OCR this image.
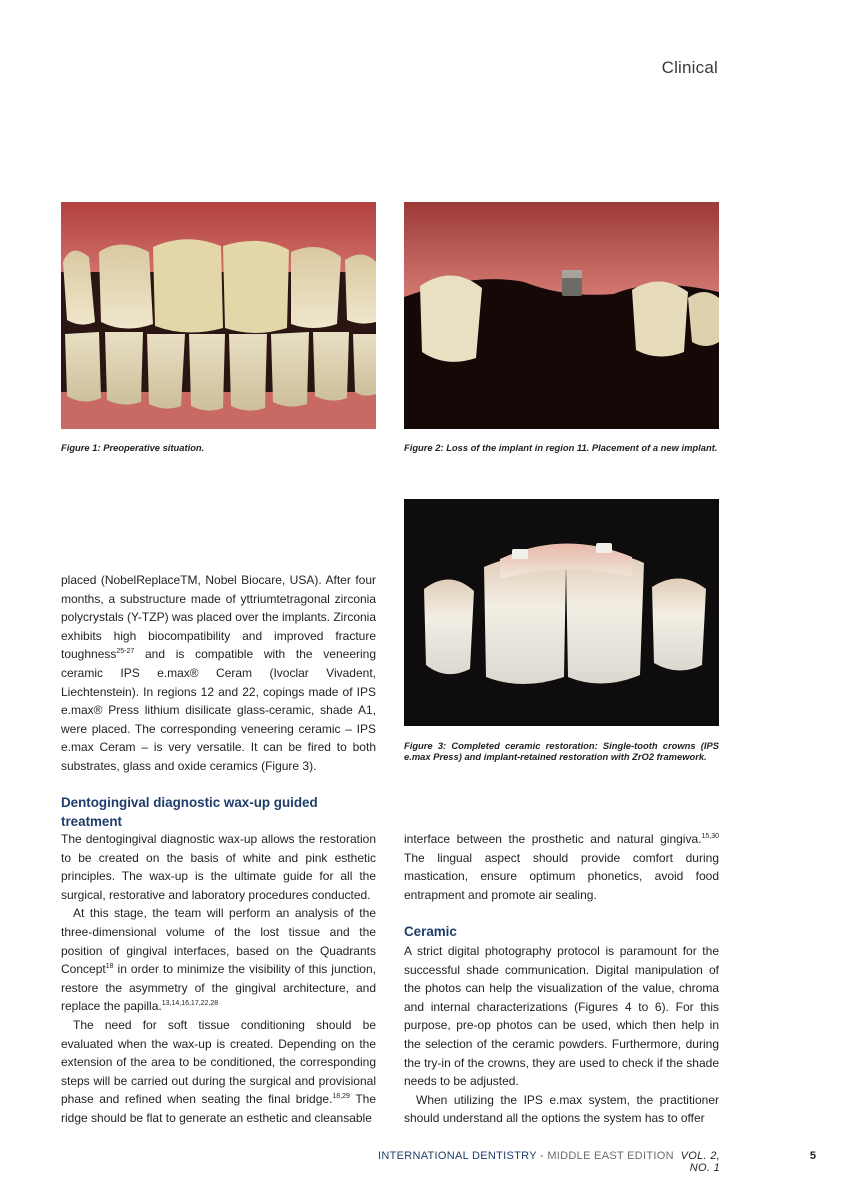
Clinical
Figure 1: Preoperative situation.	Figure 2: Loss of the implant in region 11. Placement of a new implant.
Figure 3: Completed ceramic restoration: Single-tooth crowns (IPS e.max Press) and implant-retained restoration with ZrO2 framework.

placed (NobelReplaceTM, Nobel Biocare, USA). After four months, a substructure made of yttriumtetragonal zirconia polycrystals (Y-TZP) was placed over the implants. Zirconia exhibits high biocompatibility and improved fracture toughness$^{25-27}$ and is compatible with the veneering ceramic IPS e.max® Ceram (Ivoclar Vivadent, Liechtenstein). In regions 12 and 22, copings made of IPS e.max® Press lithium disilicate glass-ceramic, shade A1, were placed. The corresponding veneering ceramic – IPS e.max Ceram – is very versatile. It can be fired to both substrates, glass and oxide ceramics (Figure 3).

Dentogingival diagnostic wax-up guided treatment

The dentogingival diagnostic wax-up allows the restoration to be created on the basis of white and pink esthetic principles. The wax-up is the ultimate guide for all the surgical, restorative and laboratory procedures conducted.

At this stage, the team will perform an analysis of the three-dimensional volume of the lost tissue and the position of gingival interfaces, based on the Quadrants Concept$^{18}$ in order to minimize the visibility of this junction, restore the asymmetry of the gingival architecture, and replace the papilla.$^{13,14,16,17,22,28}$

The need for soft tissue conditioning should be evaluated when the wax-up is created. Depending on the extension of the area to be conditioned, the corresponding steps will be carried out during the surgical and provisional phase and refined when seating the final bridge.$^{18,29}$ The ridge should be flat to generate an esthetic and cleansable

interface between the prosthetic and natural gingiva.$^{15,30}$ The lingual aspect should provide comfort during mastication, ensure optimum phonetics, avoid food entrapment and promote air sealing.

Ceramic

A strict digital photography protocol is paramount for the successful shade communication. Digital manipulation of the photos can help the visualization of the value, chroma and internal characterizations (Figures 4 to 6). For this purpose, pre-op photos can be used, which then help in the selection of the ceramic powders. Furthermore, during the try-in of the crowns, they are used to check if the shade needs to be adjusted.

When utilizing the IPS e.max system, the practitioner should understand all the options the system has to offer

INTERNATIONAL DENTISTRY - MIDDLE EAST EDITION VOL. 2, NO. 1
5
